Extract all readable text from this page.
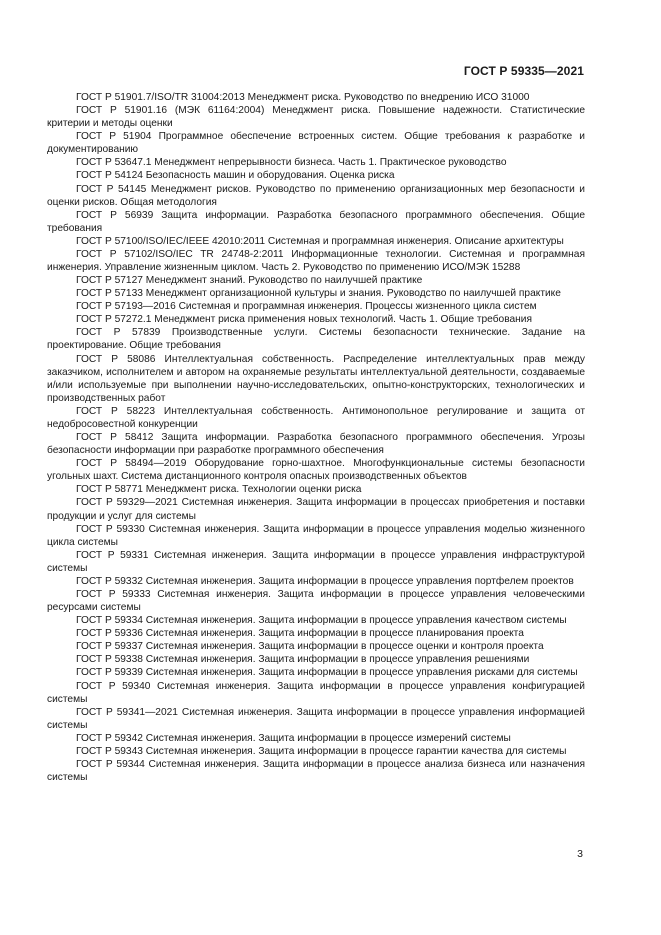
ГОСТ Р 59335—2021

ГОСТ Р 51901.7/ISO/TR 31004:2013 Менеджмент риска. Руководство по внедрению ИСО 31000

ГОСТ Р 51901.16 (МЭК 61164:2004) Менеджмент риска. Повышение надежности. Статистические критерии и методы оценки

ГОСТ Р 51904 Программное обеспечение встроенных систем. Общие требования к разработке и документированию

ГОСТ Р 53647.1 Менеджмент непрерывности бизнеса. Часть 1. Практическое руководство

ГОСТ Р 54124 Безопасность машин и оборудования. Оценка риска

ГОСТ Р 54145 Менеджмент рисков. Руководство по применению организационных мер безопасности и оценки рисков. Общая методология

ГОСТ Р 56939 Защита информации. Разработка безопасного программного обеспечения. Общие требования

ГОСТ Р 57100/ISO/IEC/IEEE 42010:2011 Системная и программная инженерия. Описание архитектуры

ГОСТ Р 57102/ISO/IEC TR 24748-2:2011 Информационные технологии. Системная и программная инженерия. Управление жизненным циклом. Часть 2. Руководство по применению ИСО/МЭК 15288

ГОСТ Р 57127 Менеджмент знаний. Руководство по наилучшей практике

ГОСТ Р 57133 Менеджмент организационной культуры и знания. Руководство по наилучшей практике

ГОСТ Р 57193—2016 Системная и программная инженерия. Процессы жизненного цикла систем

ГОСТ Р 57272.1 Менеджмент риска применения новых технологий. Часть 1. Общие требования

ГОСТ Р 57839 Производственные услуги. Системы безопасности технические. Задание на проектирование. Общие требования

ГОСТ Р 58086 Интеллектуальная собственность. Распределение интеллектуальных прав между заказчиком, исполнителем и автором на охраняемые результаты интеллектуальной деятельности, создаваемые и/или используемые при выполнении научно-исследовательских, опытно-конструкторских, технологических и производственных работ

ГОСТ Р 58223 Интеллектуальная собственность. Антимонопольное регулирование и защита от недобросовестной конкуренции

ГОСТ Р 58412 Защита информации. Разработка безопасного программного обеспечения. Угрозы безопасности информации при разработке программного обеспечения

ГОСТ Р 58494—2019 Оборудование горно-шахтное. Многофункциональные системы безопасности угольных шахт. Система дистанционного контроля опасных производственных объектов

ГОСТ Р 58771 Менеджмент риска. Технологии оценки риска

ГОСТ Р 59329—2021 Системная инженерия. Защита информации в процессах приобретения и поставки продукции и услуг для системы

ГОСТ Р 59330 Системная инженерия. Защита информации в процессе управления моделью жизненного цикла системы

ГОСТ Р 59331 Системная инженерия. Защита информации в процессе управления инфраструктурой системы

ГОСТ Р 59332 Системная инженерия. Защита информации в процессе управления портфелем проектов

ГОСТ Р 59333 Системная инженерия. Защита информации в процессе управления человеческими ресурсами системы

ГОСТ Р 59334 Системная инженерия. Защита информации в процессе управления качеством системы

ГОСТ Р 59336 Системная инженерия. Защита информации в процессе планирования проекта

ГОСТ Р 59337 Системная инженерия. Защита информации в процессе оценки и контроля проекта

ГОСТ Р 59338 Системная инженерия. Защита информации в процессе управления решениями

ГОСТ Р 59339 Системная инженерия. Защита информации в процессе управления рисками для системы

ГОСТ Р 59340 Системная инженерия. Защита информации в процессе управления конфигурацией системы

ГОСТ Р 59341—2021 Системная инженерия. Защита информации в процессе управления информацией системы

ГОСТ Р 59342 Системная инженерия. Защита информации в процессе измерений системы

ГОСТ Р 59343 Системная инженерия. Защита информации в процессе гарантии качества для системы

ГОСТ Р 59344 Системная инженерия. Защита информации в процессе анализа бизнеса или назначения системы

3
